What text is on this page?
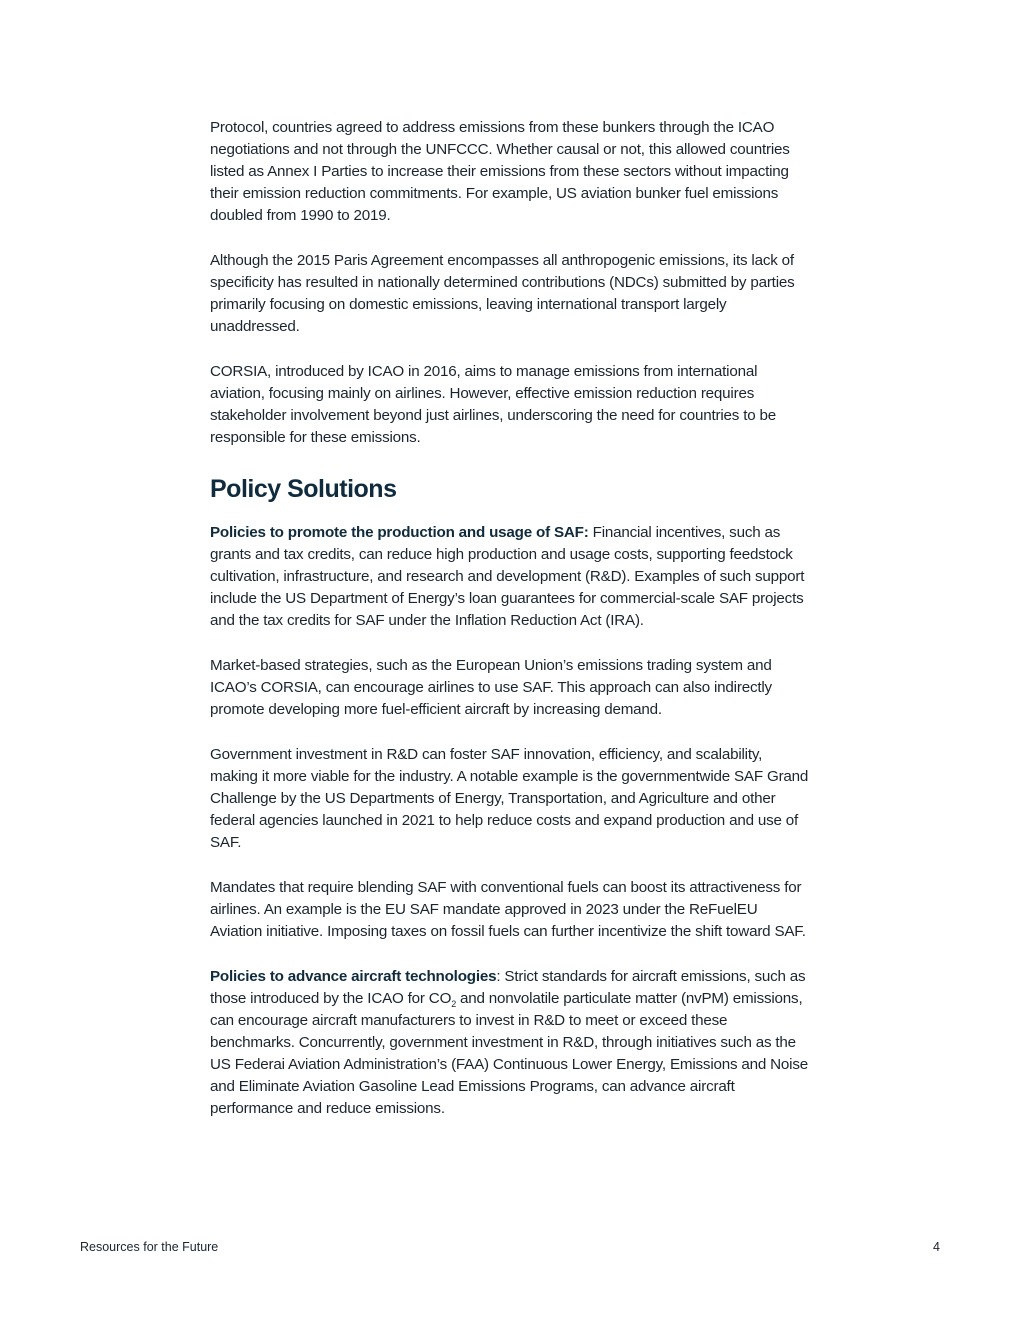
Protocol, countries agreed to address emissions from these bunkers through the ICAO negotiations and not through the UNFCCC. Whether causal or not, this allowed countries listed as Annex I Parties to increase their emissions from these sectors without impacting their emission reduction commitments. For example, US aviation bunker fuel emissions doubled from 1990 to 2019.

Although the 2015 Paris Agreement encompasses all anthropogenic emissions, its lack of specificity has resulted in nationally determined contributions (NDCs) submitted by parties primarily focusing on domestic emissions, leaving international transport largely unaddressed.

CORSIA, introduced by ICAO in 2016, aims to manage emissions from international aviation, focusing mainly on airlines. However, effective emission reduction requires stakeholder involvement beyond just airlines, underscoring the need for countries to be responsible for these emissions.

Policy Solutions

Policies to promote the production and usage of SAF: Financial incentives, such as grants and tax credits, can reduce high production and usage costs, supporting feedstock cultivation, infrastructure, and research and development (R&D). Examples of such support include the US Department of Energy’s loan guarantees for commercial-scale SAF projects and the tax credits for SAF under the Inflation Reduction Act (IRA).

Market-based strategies, such as the European Union’s emissions trading system and ICAO’s CORSIA, can encourage airlines to use SAF. This approach can also indirectly promote developing more fuel-efficient aircraft by increasing demand.

Government investment in R&D can foster SAF innovation, efficiency, and scalability, making it more viable for the industry. A notable example is the governmentwide SAF Grand Challenge by the US Departments of Energy, Transportation, and Agriculture and other federal agencies launched in 2021 to help reduce costs and expand production and use of SAF.

Mandates that require blending SAF with conventional fuels can boost its attractiveness for airlines. An example is the EU SAF mandate approved in 2023 under the ReFuelEU Aviation initiative. Imposing taxes on fossil fuels can further incentivize the shift toward SAF.

Policies to advance aircraft technologies: Strict standards for aircraft emissions, such as those introduced by the ICAO for $CO_2$ and nonvolatile particulate matter (nvPM) emissions, can encourage aircraft manufacturers to invest in R&D to meet or exceed these benchmarks. Concurrently, government investment in R&D, through initiatives such as the US Federai Aviation Administration’s (FAA) Continuous Lower Energy, Emissions and Noise and Eliminate Aviation Gasoline Lead Emissions Programs, can advance aircraft performance and reduce emissions.

Resources for the Future	4
